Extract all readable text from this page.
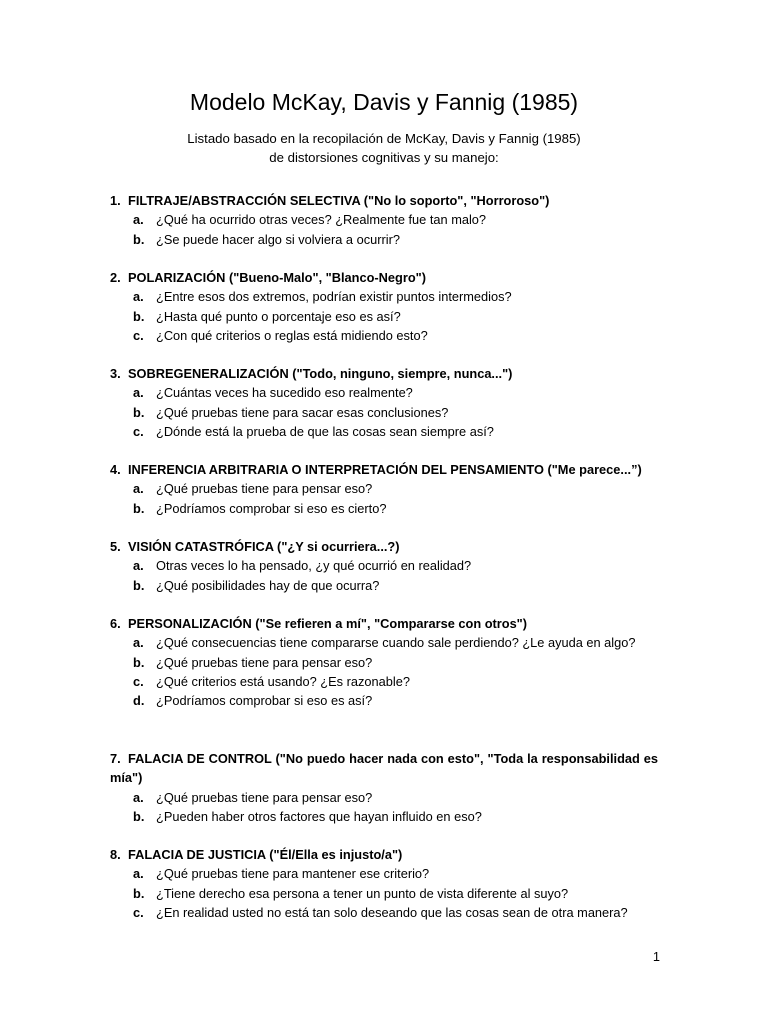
Modelo McKay, Davis y Fannig (1985)
Listado basado en la recopilación de McKay, Davis y Fannig (1985)
de distorsiones cognitivas y su manejo:
1. FILTRAJE/ABSTRACCIÓN SELECTIVA ("No lo soporto", "Horroroso")
a. ¿Qué ha ocurrido otras veces? ¿Realmente fue tan malo?
b. ¿Se puede hacer algo si volviera a ocurrir?
2. POLARIZACIÓN ("Bueno-Malo", "Blanco-Negro")
a. ¿Entre esos dos extremos, podrían existir puntos intermedios?
b. ¿Hasta qué punto o porcentaje eso es así?
c. ¿Con qué criterios o reglas está midiendo esto?
3. SOBREGENERALIZACIÓN ("Todo, ninguno, siempre, nunca...")
a. ¿Cuántas veces ha sucedido eso realmente?
b. ¿Qué pruebas tiene para sacar esas conclusiones?
c. ¿Dónde está la prueba de que las cosas sean siempre así?
4. INFERENCIA ARBITRARIA O INTERPRETACIÓN DEL PENSAMIENTO ("Me parece...”)
a. ¿Qué pruebas tiene para pensar eso?
b. ¿Podríamos comprobar si eso es cierto?
5. VISIÓN CATASTRÓFICA ("¿Y si ocurriera...?)
a. Otras veces lo ha pensado, ¿y qué ocurrió en realidad?
b. ¿Qué posibilidades hay de que ocurra?
6. PERSONALIZACIÓN ("Se refieren a mí", "Compararse con otros")
a. ¿Qué consecuencias tiene compararse cuando sale perdiendo? ¿Le ayuda en algo?
b. ¿Qué pruebas tiene para pensar eso?
c. ¿Qué criterios está usando? ¿Es razonable?
d. ¿Podríamos comprobar si eso es así?
7. FALACIA DE CONTROL ("No puedo hacer nada con esto", "Toda la responsabilidad es mía")
a. ¿Qué pruebas tiene para pensar eso?
b. ¿Pueden haber otros factores que hayan influido en eso?
8. FALACIA DE JUSTICIA ("Él/Ella es injusto/a")
a. ¿Qué pruebas tiene para mantener ese criterio?
b. ¿Tiene derecho esa persona a tener un punto de vista diferente al suyo?
c. ¿En realidad usted no está tan solo deseando que las cosas sean de otra manera?
1
